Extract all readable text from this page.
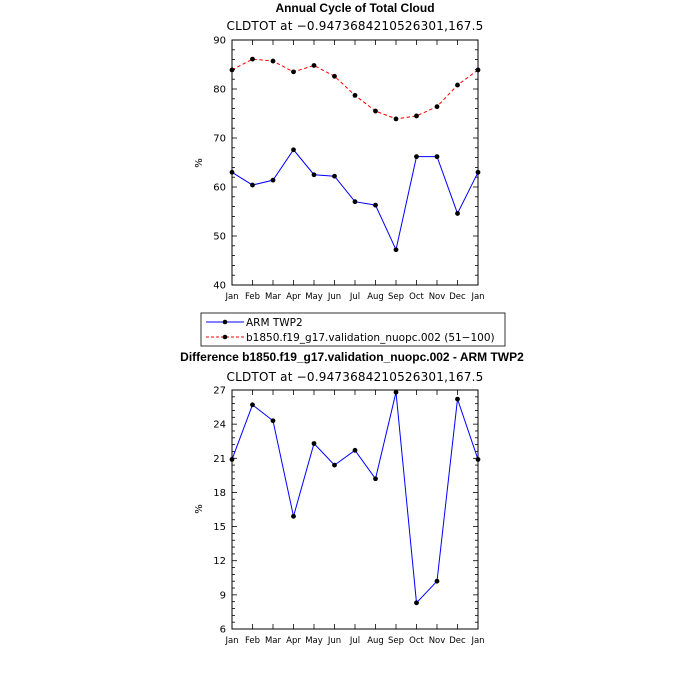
Annual Cycle of Total Cloud
CLDTOT at −0.9473684210526301,167.5
40
50
60
70
80
90
Jan Feb Mar Apr May Jun Jul Aug Sep Oct Nov Dec Jan
%
ARM TWP2
b1850.f19_g17.validation_nuopc.002 (51−100)
Difference b1850.f19_g17.validation_nuopc.002 - ARM TWP2
CLDTOT at −0.9473684210526301,167.5
6
9
12
15
18
21
24
27
Jan Feb Mar Apr May Jun Jul Aug Sep Oct Nov Dec Jan
%
